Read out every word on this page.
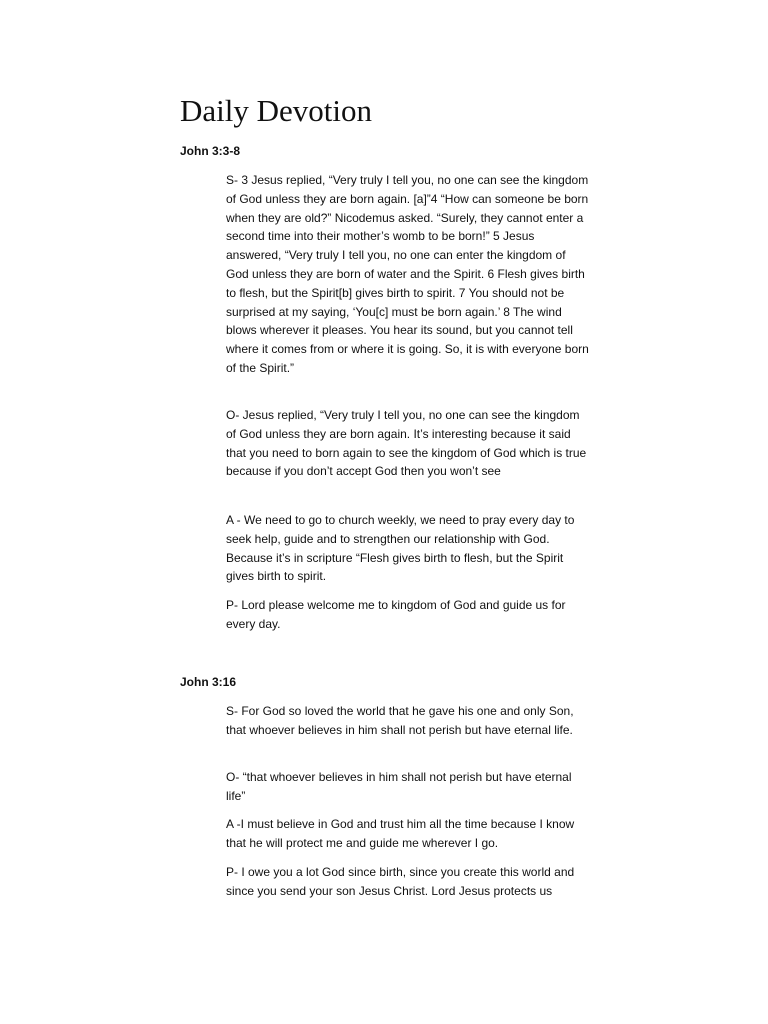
Daily Devotion
John 3:3-8

S- 3 Jesus replied, “Very truly I tell you, no one can see the kingdom of God unless they are born again. [a]”4 “How can someone be born when they are old?” Nicodemus asked. “Surely, they cannot enter a second time into their mother’s womb to be born!” 5 Jesus answered, “Very truly I tell you, no one can enter the kingdom of God unless they are born of water and the Spirit. 6 Flesh gives birth to flesh, but the Spirit[b] gives birth to spirit. 7 You should not be surprised at my saying, ‘You[c] must be born again.’ 8 The wind blows wherever it pleases. You hear its sound, but you cannot tell where it comes from or where it is going. So, it is with everyone born of the Spirit.”

O- Jesus replied, “Very truly I tell you, no one can see the kingdom of God unless they are born again. It’s interesting because it said that you need to born again to see the kingdom of God which is true because if you don’t accept God then you won’t see

A - We need to go to church weekly, we need to pray every day to seek help, guide and to strengthen our relationship with God. Because it’s in scripture “Flesh gives birth to flesh, but the Spirit gives birth to spirit.

P- Lord please welcome me to kingdom of God and guide us for every day.

John 3:16

S- For God so loved the world that he gave his one and only Son, that whoever believes in him shall not perish but have eternal life.

O- “that whoever believes in him shall not perish but have eternal life”

A -I must believe in God and trust him all the time because I know that he will protect me and guide me wherever I go.

P- I owe you a lot God since birth, since you create this world and since you send your son Jesus Christ. Lord Jesus protects us
